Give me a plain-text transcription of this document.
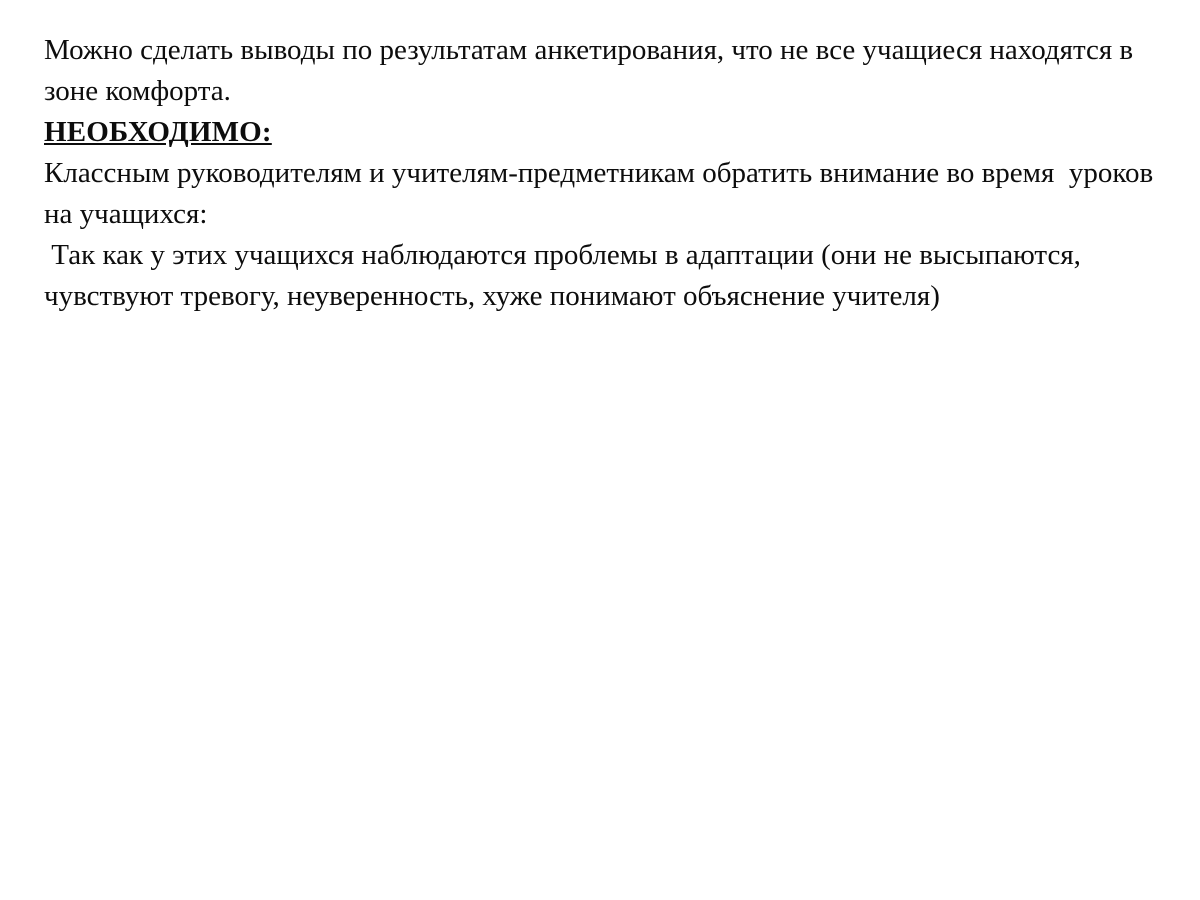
Можно сделать выводы по результатам анкетирования, что не все учащиеся находятся в зоне комфорта.

НЕОБХОДИМО:

Классным руководителям и учителям-предметникам обратить внимание во время  уроков на учащихся:

Так как у этих учащихся наблюдаются проблемы в адаптации (они не высыпаются, чувствуют тревогу, неуверенность, хуже понимают объяснение учителя)
